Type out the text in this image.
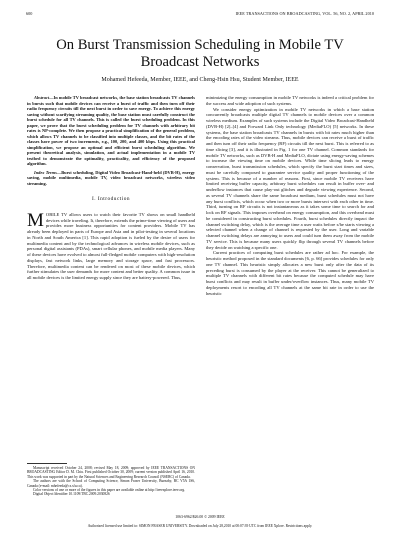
600	IEEE TRANSACTIONS ON BROADCASTING, VOL. 56, NO. 2, APRIL 2010
On Burst Transmission Scheduling in Mobile TV
Broadcast Networks
Mohamed Hefeeda, Member, IEEE, and Cheng-Hsin Hsu, Student Member, IEEE

Abstract—In mobile TV broadcast networks, the base station broadcasts TV channels in bursts such that mobile devices can receive a burst of traffic and then turn off their radio frequency circuits till the next burst in order to save energy. To achieve this energy saving without scarifying streaming quality, the base station must carefully construct the burst schedule for all TV channels. This is called the burst scheduling problem. In this paper, we prove that the burst scheduling problem for TV channels with arbitrary bit rates is NP-complete. We then propose a practical simplification of the general problem, which allows TV channels to be classified into multiple classes, and the bit rates of the classes have power of two increments, e.g., 100, 200, and 400 kbps. Using this practical simplification, we propose an optimal and efficient burst scheduling algorithm. We present theoretical analysis, simulation, and actual implementation in a mobile TV testbed to demonstrate the optimality, practicality, and efficiency of the proposed algorithm.

Index Terms—Burst scheduling, Digital Video Broadcast-Hand-held (DVB-H), energy saving, mobile multimedia, mobile TV, video broadcast networks, wireless video streaming.

I. Introduction

MOBILE TV allows users to watch their favorite TV shows on small handheld devices while traveling. It, therefore, extends the prime-time viewing of users and provides more business opportunities for content providers. Mobile TV has already been deployed in parts of Europe and Asia and in pilot-testing in several locations in North and South America [1]. This rapid adoption is fueled by the desire of users for multimedia content and by the technological advances in wireless mobile devices, such as personal digital assistants (PDAs), smart cellular phones, and mobile media players. Many of these devices have evolved to almost full-fledged mobile computers with high-resolution displays, fast network links, large memory and storage space, and fast processors. Therefore, multimedia content can be rendered on most of these mobile devices, which further stimulates the user demands for more content and better quality. A common issue in all mobile devices is the limited energy supply since they are battery-powered. Thus,

Manuscript received October 24, 2008; revised May 18, 2009; approved by IEEE TRANSACTIONS ON BROADCASTING Editor D. M. Chiu. First published October 30, 2009; current version published April 16, 2010. This work was supported in part by the Natural Sciences and Engineering Research Council (NSERC) of Canada.

The authors are with the School of Computing Science, Simon Fraser University, Burnaby, BC V5A 1S6, Canada (e-mail: mhefeeda@cs.sfu.ca).

Color versions of one or more of the figures in this paper are available online at http://ieeexplore.ieee.org.

Digital Object Identifier 10.1109/TBC.2009.2030826

minimizing the energy consumption in mobile TV networks is indeed a critical problem for the success and wide adoption of such systems.

We consider energy optimization in mobile TV networks in which a base station concurrently broadcasts multiple digital TV channels to mobile devices over a common wireless medium. Examples of such systems include the Digital Video Broadcast-Handheld (DVB-H) [2]–[4] and Forward Link Only technology (MediaFLO) [5] networks. In these systems, the base station broadcasts TV channels in bursts with bit rates much higher than the encoding rates of the video streams. Thus, mobile devices can receive a burst of traffic and then turn off their radio frequency (RF) circuits till the next burst. This is referred to as time slicing [3], and it is illustrated in Fig. 1 for one TV channel. Common standards for mobile TV networks, such as DVB-H and MediaFLO, dictate using energy-saving schemes to increase the viewing time on mobile devices. While time slicing leads to energy conservation, burst transmission schedules, which specify the burst start times and sizes, must be carefully composed to guarantee service quality and proper functioning of the system. This is because of a number of reasons. First, since mobile TV receivers have limited receiving buffer capacity, arbitrary burst schedules can result in buffer over- and underflow instances that cause play-out glitches and degrade viewing experience. Second, as several TV channels share the same broadcast medium, burst schedules must not have any burst conflicts, which occur when two or more bursts intersect with each other in time. Third, turning on RF circuits is not instantaneous as it takes some time to search for and lock on RF signals. This imposes overhead on energy consumption, and this overhead must be considered in constructing burst schedules. Fourth, burst schedules directly impact the channel switching delay, which is the average time a user waits before s/he starts viewing a selected channel when a change of channel is requested by the user. Long and variable channel switching delays are annoying to users and could turn them away from the mobile TV service. This is because many users quickly flip through several TV channels before they decide on watching a specific one.

Current practices of computing burst schedules are rather ad hoc. For example, the heuristic method proposed in the standard documents [6, p. 66] provides schedules for only one TV channel. This heuristic simply allocates a new burst only after the data of its preceding burst is consumed by the player at the receiver. This cannot be generalized to multiple TV channels with different bit rates because the computed schedule may have burst conflicts and may result in buffer under/overflow instances. Thus, many mobile TV deployments resort to encoding all TV channels at the same bit rate in order to use the heuristic

1063-6962/$26.00 © 2009 IEEE
Authorized licensed use limited to: SIMON FRASER UNIVERSITY. Downloaded on July 28,2010 at 00:07:39 UTC from IEEE Xplore. Restrictions apply.
